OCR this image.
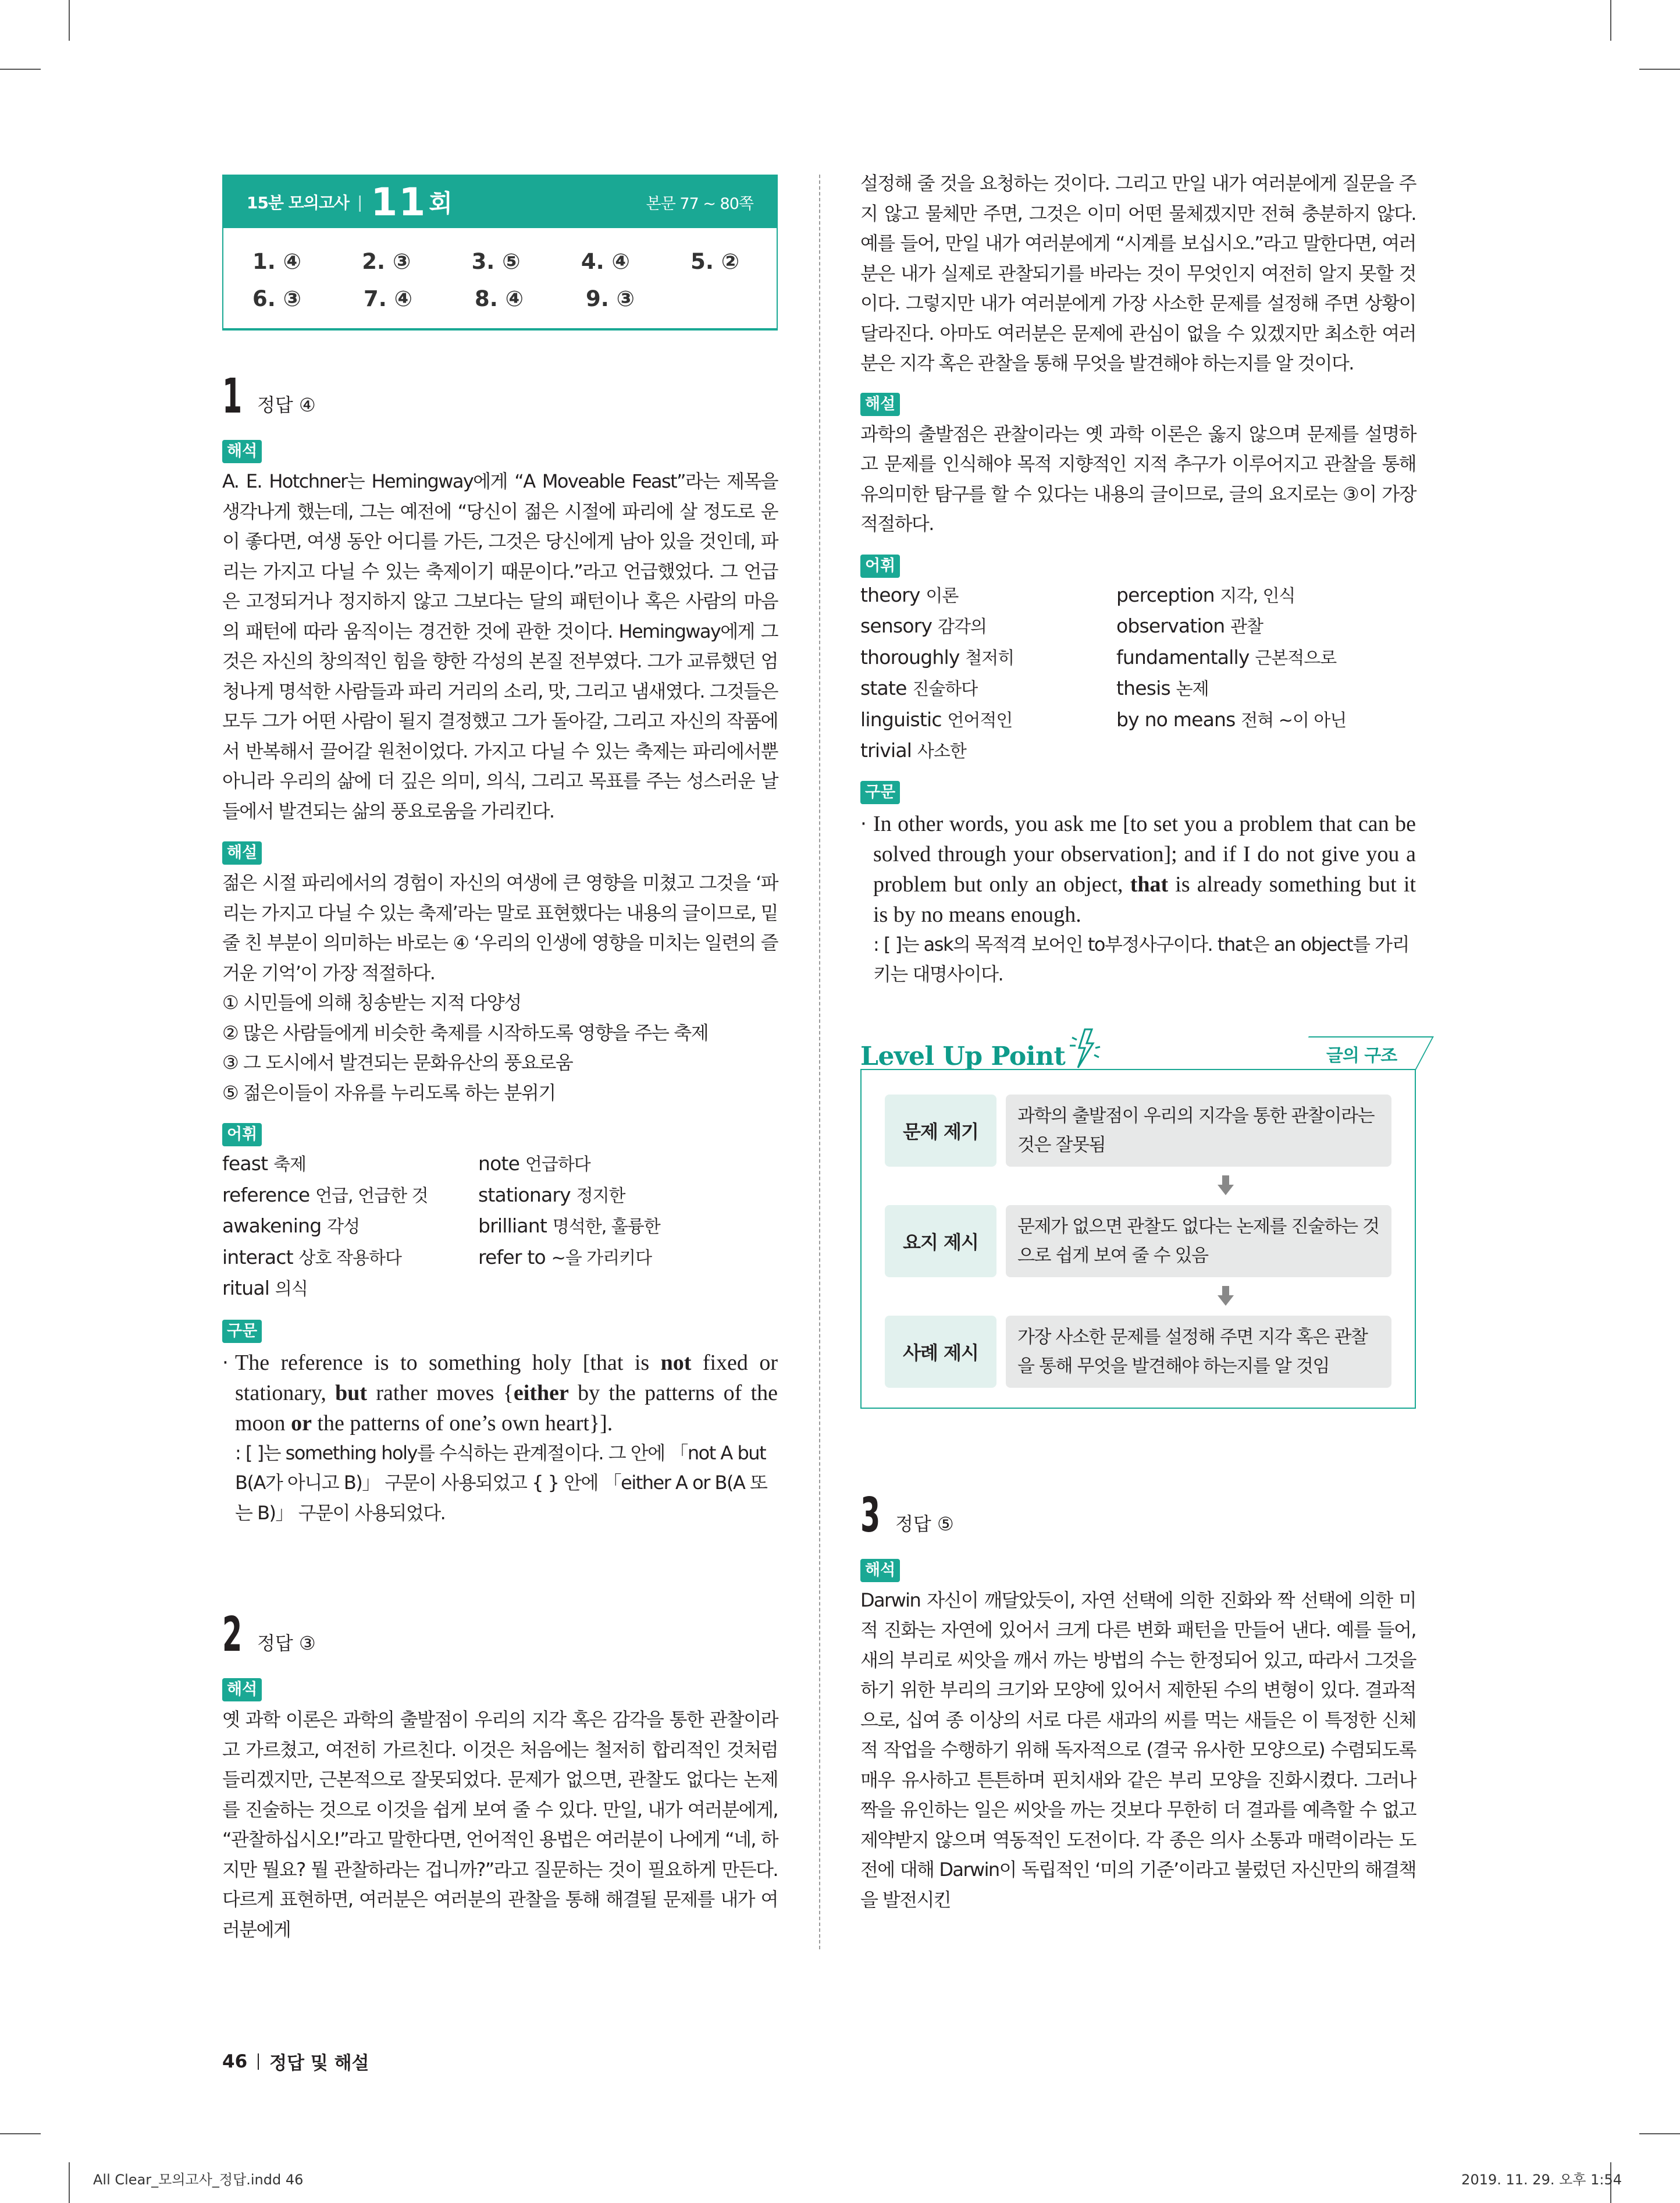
15분 모의고사 | 11 회	본문 77 ~ 80쪽
1. ④	2. ③	3. ⑤	4. ④	5. ②
6. ③	7. ④	8. ④	9. ③
1 정답 ④
해석

A. E. Hotchner는 Hemingway에게 “A Moveable Feast”라는 제목을 생각나게 했는데, 그는 예전에 “당신이 젊은 시절에 파리에 살 정도로 운이 좋다면, 여생 동안 어디를 가든, 그것은 당신에게 남아 있을 것인데, 파리는 가지고 다닐 수 있는 축제이기 때문이다.”라고 언급했었다. 그 언급은 고정되거나 정지하지 않고 그보다는 달의 패턴이나 혹은 사람의 마음의 패턴에 따라 움직이는 경건한 것에 관한 것이다. Hemingway에게 그것은 자신의 창의적인 힘을 향한 각성의 본질 전부였다. 그가 교류했던 엄청나게 명석한 사람들과 파리 거리의 소리, 맛, 그리고 냄새였다. 그것들은 모두 그가 어떤 사람이 될지 결정했고 그가 돌아갈, 그리고 자신의 작품에서 반복해서 끌어갈 원천이었다. 가지고 다닐 수 있는 축제는 파리에서뿐 아니라 우리의 삶에 더 깊은 의미, 의식, 그리고 목표를 주는 성스러운 날들에서 발견되는 삶의 풍요로움을 가리킨다.

해설

젊은 시절 파리에서의 경험이 자신의 여생에 큰 영향을 미쳤고 그것을 ‘파리는 가지고 다닐 수 있는 축제’라는 말로 표현했다는 내용의 글이므로, 밑줄 친 부분이 의미하는 바로는 ④ ‘우리의 인생에 영향을 미치는 일련의 즐거운 기억’이 가장 적절하다.

① 시민들에 의해 칭송받는 지적 다양성
② 많은 사람들에게 비슷한 축제를 시작하도록 영향을 주는 축제
③ 그 도시에서 발견되는 문화유산의 풍요로움
⑤ 젊은이들이 자유를 누리도록 하는 분위기
어휘
feast 축제	note 언급하다
reference 언급, 언급한 것	stationary 정지한
awakening 각성	brilliant 명석한, 훌륭한
interact 상호 작용하다	refer to ~을 가리키다
ritual 의식
구문
· The reference is to something holy [that is not fixed or stationary, but rather moves {either by the patterns of the moon or the patterns of one’s own heart}].

: [ ]는 something holy를 수식하는 관계절이다. 그 안에 「not A but B(A가 아니고 B)」 구문이 사용되었고 { } 안에 「either A or B(A 또는 B)」 구문이 사용되었다.

2 정답 ③
해석

옛 과학 이론은 과학의 출발점이 우리의 지각 혹은 감각을 통한 관찰이라고 가르쳤고, 여전히 가르친다. 이것은 처음에는 철저히 합리적인 것처럼 들리겠지만, 근본적으로 잘못되었다. 문제가 없으면, 관찰도 없다는 논제를 진술하는 것으로 이것을 쉽게 보여 줄 수 있다. 만일, 내가 여러분에게, “관찰하십시오!”라고 말한다면, 언어적인 용법은 여러분이 나에게 “네, 하지만 뭘요? 뭘 관찰하라는 겁니까?”라고 질문하는 것이 필요하게 만든다. 다르게 표현하면, 여러분은 여러분의 관찰을 통해 해결될 문제를 내가 여러분에게

설정해 줄 것을 요청하는 것이다. 그리고 만일 내가 여러분에게 질문을 주지 않고 물체만 주면, 그것은 이미 어떤 물체겠지만 전혀 충분하지 않다. 예를 들어, 만일 내가 여러분에게 “시계를 보십시오.”라고 말한다면, 여러분은 내가 실제로 관찰되기를 바라는 것이 무엇인지 여전히 알지 못할 것이다. 그렇지만 내가 여러분에게 가장 사소한 문제를 설정해 주면 상황이 달라진다. 아마도 여러분은 문제에 관심이 없을 수 있겠지만 최소한 여러분은 지각 혹은 관찰을 통해 무엇을 발견해야 하는지를 알 것이다.

해설

과학의 출발점은 관찰이라는 옛 과학 이론은 옳지 않으며 문제를 설명하고 문제를 인식해야 목적 지향적인 지적 추구가 이루어지고 관찰을 통해 유의미한 탐구를 할 수 있다는 내용의 글이므로, 글의 요지로는 ③이 가장 적절하다.

어휘
theory 이론	perception 지각, 인식
sensory 감각의	observation 관찰
thoroughly 철저히	fundamentally 근본적으로
state 진술하다	thesis 논제
linguistic 언어적인	by no means 전혀 ~이 아닌
trivial 사소한
구문
· In other words, you ask me [to set you a problem that can be solved through your observation]; and if I do not give you a problem but only an object, that is already something but it is by no means enough.

: [ ]는 ask의 목적격 보어인 to부정사구이다. that은 an object를 가리키는 대명사이다.

Level Up Point	글의 구조
문제 제기
과학의 출발점이 우리의 지각을 통한 관찰이라는 것은 잘못됨
요지 제시
문제가 없으면 관찰도 없다는 논제를 진술하는 것으로 쉽게 보여 줄 수 있음
사례 제시
가장 사소한 문제를 설정해 주면 지각 혹은 관찰을 통해 무엇을 발견해야 하는지를 알 것임
3 정답 ⑤
해석

Darwin 자신이 깨달았듯이, 자연 선택에 의한 진화와 짝 선택에 의한 미적 진화는 자연에 있어서 크게 다른 변화 패턴을 만들어 낸다. 예를 들어, 새의 부리로 씨앗을 깨서 까는 방법의 수는 한정되어 있고, 따라서 그것을 하기 위한 부리의 크기와 모양에 있어서 제한된 수의 변형이 있다. 결과적으로, 십여 종 이상의 서로 다른 새과의 씨를 먹는 새들은 이 특정한 신체적 작업을 수행하기 위해 독자적으로 (결국 유사한 모양으로) 수렴되도록 매우 유사하고 튼튼하며 핀치새와 같은 부리 모양을 진화시켰다. 그러나 짝을 유인하는 일은 씨앗을 까는 것보다 무한히 더 결과를 예측할 수 없고 제약받지 않으며 역동적인 도전이다. 각 종은 의사 소통과 매력이라는 도전에 대해 Darwin이 독립적인 ‘미의 기준’이라고 불렀던 자신만의 해결책을 발전시킨

46 정답 및 해설
All Clear_모의고사_정답.indd 46	2019. 11. 29. 오후 1:54
